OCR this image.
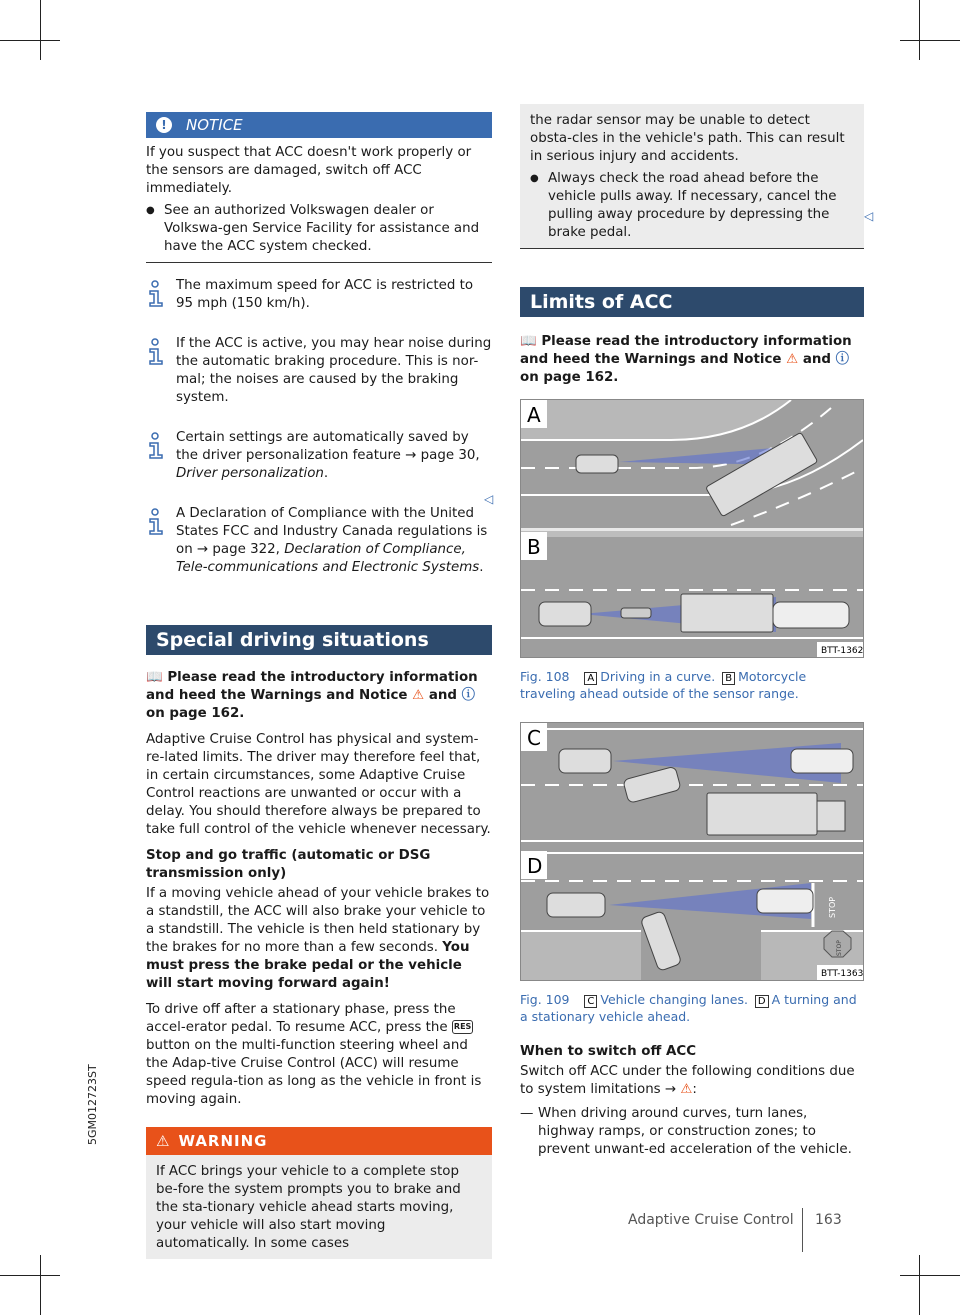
5GM012723ST
!	NOTICE

If you suspect that ACC doesn't work properly or the sensors are damaged, switch off ACC immediately.

● See an authorized Volkswagen dealer or Volkswa-gen Service Facility for assistance and have the ACC system checked.

The maximum speed for ACC is restricted to 95 mph (150 km/h).

If the ACC is active, you may hear noise during the automatic braking procedure. This is nor-mal; the noises are caused by the braking system.

Certain settings are automatically saved by the driver personalization feature → page 30, Driver personalization.

A Declaration of Compliance with the United States FCC and Industry Canada regulations is on → page 322, Declaration of Compliance, Tele-communications and Electronic Systems.

Special driving situations

📖 Please read the introductory information and heed the Warnings and Notice ⚠ and ⓘ on page 162.

Adaptive Cruise Control has physical and system-re-lated limits. The driver may therefore feel that, in certain circumstances, some Adaptive Cruise Control reactions are unwanted or occur with a delay. You should therefore always be prepared to take full control of the vehicle whenever necessary.

Stop and go traffic (automatic or DSG transmission only)

If a moving vehicle ahead of your vehicle brakes to a standstill, the ACC will also brake your vehicle to a standstill. The vehicle is then held stationary by the brakes for no more than a few seconds. You must press the brake pedal or the vehicle will start moving forward again!

To drive off after a stationary phase, press the accel-erator pedal. To resume ACC, press the RES button on the multi-function steering wheel and the Adap-tive Cruise Control (ACC) will resume speed regula-tion as long as the vehicle in front is moving again.

⚠ WARNING
If ACC brings your vehicle to a complete stop be-fore the system prompts you to brake and the sta-tionary vehicle ahead starts moving, your vehicle will also start moving automatically. In some cases

the radar sensor may be unable to detect obsta-cles in the vehicle's path. This can result in serious injury and accidents.

● Always check the road ahead before the vehicle pulls away. If necessary, cancel the pulling away procedure by depressing the brake pedal.
Limits of ACC

📖 Please read the introductory information and heed the Warnings and Notice ⚠ and ⓘ on page 162.

A
B
BTT-1362

Fig. 108 A Driving in a curve. B Motorcycle traveling ahead outside of the sensor range.

STOP
STOP
C
D
BTT-1363

Fig. 109 C Vehicle changing lanes. D A turning and a stationary vehicle ahead.

When to switch off ACC

Switch off ACC under the following conditions due to system limitations → ⚠:

— When driving around curves, turn lanes, highway ramps, or construction zones; to prevent unwant-ed acceleration of the vehicle.
◁
◁
Adaptive Cruise Control 163
